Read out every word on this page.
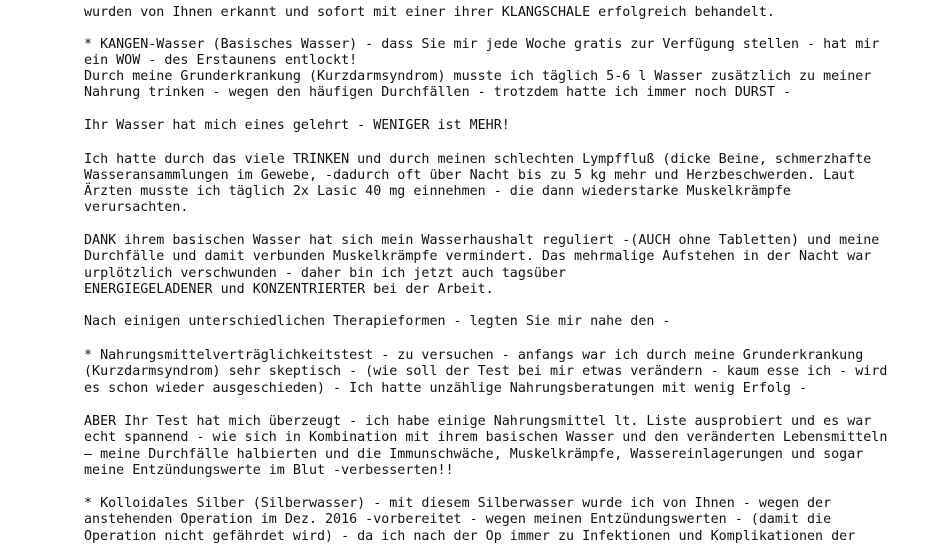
wurden von Ihnen erkannt und sofort mit einer ihrer KLANGSCHALE erfolgreich behandelt.

* KANGEN-Wasser (Basisches Wasser) - dass Sie mir jede Woche gratis zur Verfügung stellen - hat mir

ein WOW - des Erstaunens entlockt!

Durch meine Grunderkrankung (Kurzdarmsyndrom) musste ich täglich 5-6 l Wasser zusätzlich zu meiner

Nahrung trinken - wegen den häufigen Durchfällen - trotzdem hatte ich immer noch DURST -

Ihr Wasser hat mich eines gelehrt - WENIGER ist MEHR!

Ich hatte durch das viele TRINKEN und durch meinen schlechten Lympffluß (dicke Beine, schmerzhafte

Wasseransammlungen im Gewebe, -dadurch oft über Nacht bis zu 5 kg mehr und Herzbeschwerden. Laut

Ärzten musste ich täglich 2x Lasic 40 mg einnehmen - die dann wiederstarke Muskelkrämpfe

verursachten.

DANK ihrem basischen Wasser hat sich mein Wasserhaushalt reguliert -(AUCH ohne Tabletten) und meine

Durchfälle und damit verbunden Muskelkrämpfe vermindert. Das mehrmalige Aufstehen in der Nacht war

urplötzlich verschwunden - daher bin ich jetzt auch tagsüber

ENERGIEGELADENER und KONZENTRIERTER bei der Arbeit.

Nach einigen unterschiedlichen Therapieformen - legten Sie mir nahe den -

* Nahrungsmittelverträglichkeitstest - zu versuchen - anfangs war ich durch meine Grunderkrankung

(Kurzdarmsyndrom) sehr skeptisch - (wie soll der Test bei mir etwas verändern - kaum esse ich - wird

es schon wieder ausgeschieden) - Ich hatte unzählige Nahrungsberatungen mit wenig Erfolg -

ABER Ihr Test hat mich überzeugt - ich habe einige Nahrungsmittel lt. Liste ausprobiert und es war

echt spannend - wie sich in Kombination mit ihrem basischen Wasser und den veränderten Lebensmitteln

– meine Durchfälle halbierten und die Immunschwäche, Muskelkrämpfe, Wassereinlagerungen und sogar

meine Entzündungswerte im Blut -verbesserten!!

* Kolloidales Silber (Silberwasser) - mit diesem Silberwasser wurde ich von Ihnen - wegen der

anstehenden Operation im Dez. 2016 -vorbereitet - wegen meinen Entzündungswerten - (damit die

Operation nicht gefährdet wird) - da ich nach der Op immer zu Infektionen und Komplikationen der
